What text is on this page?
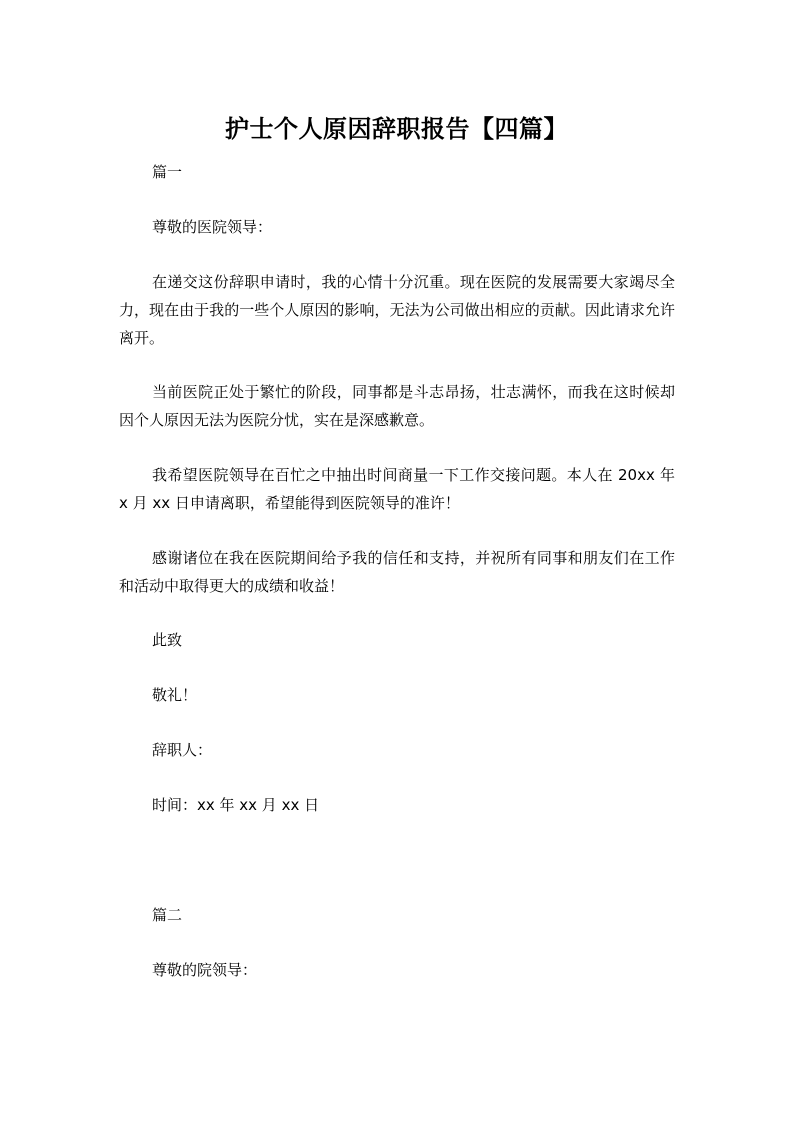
护士个人原因辞职报告【四篇】
篇一
尊敬的医院领导：
在递交这份辞职申请时，我的心情十分沉重。现在医院的发展需要大家竭尽全力，现在由于我的一些个人原因的影响，无法为公司做出相应的贡献。因此请求允许离开。
当前医院正处于繁忙的阶段，同事都是斗志昂扬，壮志满怀，而我在这时候却因个人原因无法为医院分忧，实在是深感歉意。
我希望医院领导在百忙之中抽出时间商量一下工作交接问题。本人在 20xx 年 x 月 xx 日申请离职，希望能得到医院领导的准许！
感谢诸位在我在医院期间给予我的信任和支持，并祝所有同事和朋友们在工作和活动中取得更大的成绩和收益！
此致
敬礼！
辞职人：
时间：xx 年 xx 月 xx 日
篇二
尊敬的院领导：
